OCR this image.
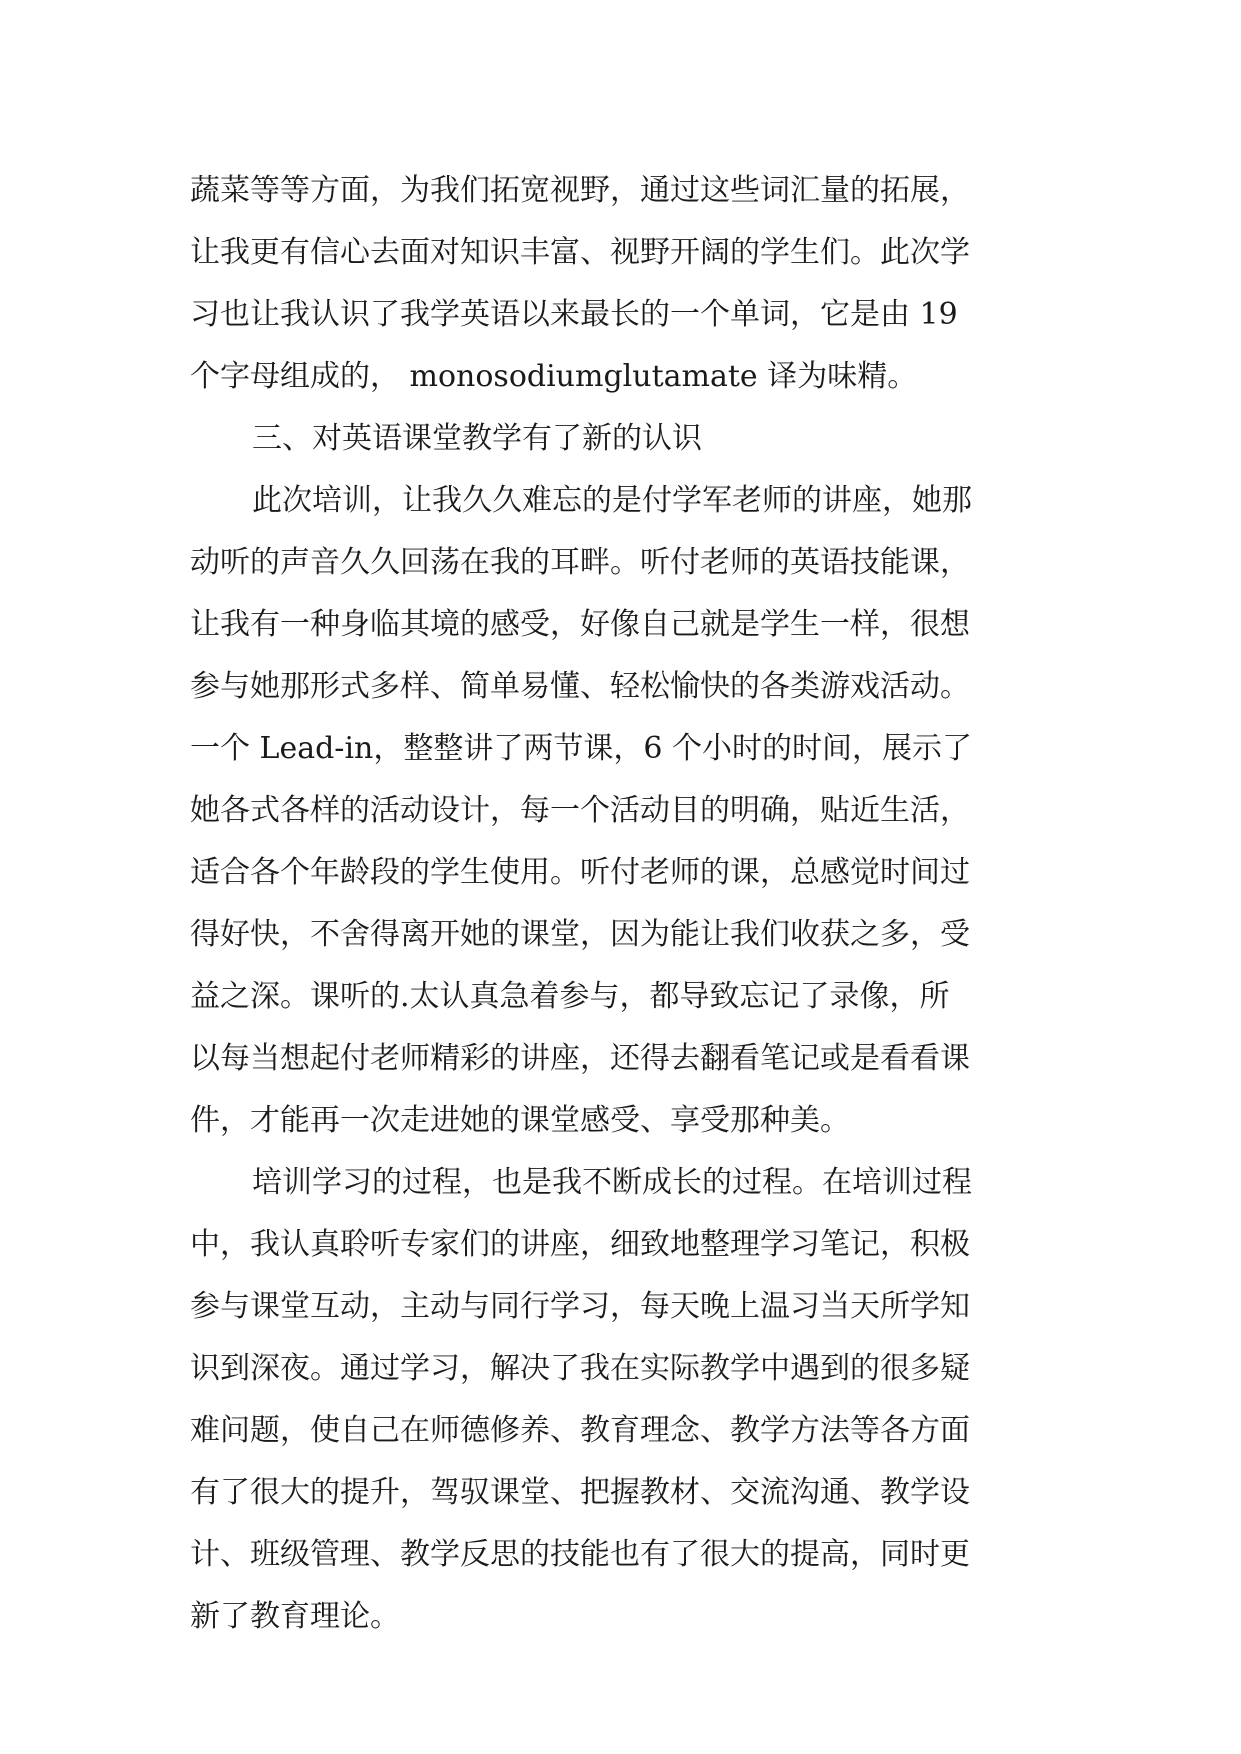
蔬菜等等方面，为我们拓宽视野，通过这些词汇量的拓展，
让我更有信心去面对知识丰富、视野开阔的学生们。此次学
习也让我认识了我学英语以来最长的一个单词，它是由 19
个字母组成的， monosodiumglutamate 译为味精。
三、对英语课堂教学有了新的认识
此次培训，让我久久难忘的是付学军老师的讲座，她那
动听的声音久久回荡在我的耳畔。听付老师的英语技能课，
让我有一种身临其境的感受，好像自己就是学生一样，很想
参与她那形式多样、简单易懂、轻松愉快的各类游戏活动。
一个 Lead-in，整整讲了两节课，6 个小时的时间，展示了
她各式各样的活动设计，每一个活动目的明确，贴近生活，
适合各个年龄段的学生使用。听付老师的课，总感觉时间过
得好快，不舍得离开她的课堂，因为能让我们收获之多，受
益之深。课听的.太认真急着参与，都导致忘记了录像，所
以每当想起付老师精彩的讲座，还得去翻看笔记或是看看课
件，才能再一次走进她的课堂感受、享受那种美。
培训学习的过程，也是我不断成长的过程。在培训过程
中，我认真聆听专家们的讲座，细致地整理学习笔记，积极
参与课堂互动，主动与同行学习，每天晚上温习当天所学知
识到深夜。通过学习，解决了我在实际教学中遇到的很多疑
难问题，使自己在师德修养、教育理念、教学方法等各方面
有了很大的提升，驾驭课堂、把握教材、交流沟通、教学设
计、班级管理、教学反思的技能也有了很大的提高，同时更
新了教育理论。
